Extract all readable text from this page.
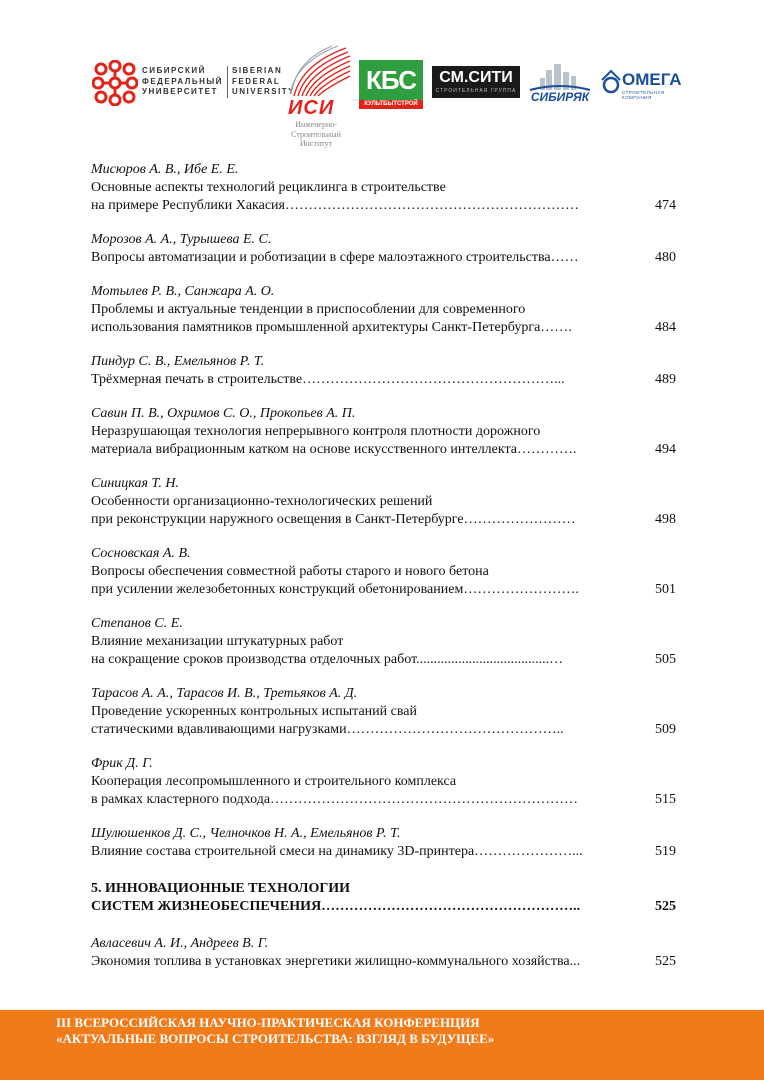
СИБИРСКИЙ
ФЕДЕРАЛЬНЫЙ
УНИВЕРСИТЕТ
SIBERIAN
FEDERAL
UNIVERSITY
ИСИ
Инженерно-
Строительный
Институт
КБС
КУЛЬТБЫТСТРОЙ
СМ.СИТИ
СТРОИТЕЛЬНАЯ ГРУППА	СИБИРЯК
ОМЕГА
СТРОИТЕЛЬНАЯ КОМПАНИЯ
Мисюров А. В., Ибе Е. Е.
Основные аспекты технологий рециклинга в строительстве
на примере Республики Хакасия………………………………………………………	474
Морозов А. А., Турышева Е. С.
Вопросы автоматизации и роботизации в сфере малоэтажного строительства……	480
Мотылев Р. В., Санжара А. О.
Проблемы и актуальные тенденции в приспособлении для современного
использования памятников промышленной архитектуры Санкт-Петербурга…….	484
Пиндур С. В., Емельянов Р. Т.
Трёхмерная печать в строительстве………………………………………………...	489
Савин П. В., Охримов С. О., Прокопьев А. П.
Неразрушающая технология непрерывного контроля плотности дорожного
материала вибрационным катком на основе искусственного интеллекта………….	494
Синицкая Т. Н.
Особенности организационно-технологических решений
при реконструкции наружного освещения в Санкт-Петербурге……………………	498
Сосновская А. В.
Вопросы обеспечения совместной работы старого и нового бетона
при усилении железобетонных конструкций обетонированием…………………….	501
Степанов С. Е.
Влияние механизации штукатурных работ
на сокращение сроков производства отделочных работ......................................…	505
Тарасов А. А., Тарасов И. В., Третьяков А. Д.
Проведение ускоренных контрольных испытаний свай
статическими вдавливающими нагрузками………………………………………..	509
Фрик Д. Г.
Кооперация лесопромышленного и строительного комплекса
в рамках кластерного подхода…………………………………………………………	515
Шулюшенков Д. С., Челночков Н. А., Емельянов Р. Т.
Влияние состава строительной смеси на динамику 3D-принтера…………………...	519
5. ИННОВАЦИОННЫЕ ТЕХНОЛОГИИ
СИСТЕМ ЖИЗНЕОБЕСПЕЧЕНИЯ………………………………………………..	525
Авласевич А. И., Андреев В. Г.
Экономия топлива в установках энергетики жилищно-коммунального хозяйства...	525
III ВСЕРОССИЙСКАЯ НАУЧНО-ПРАКТИЧЕСКАЯ КОНФЕРЕНЦИЯ
«АКТУАЛЬНЫЕ ВОПРОСЫ СТРОИТЕЛЬСТВА: ВЗГЛЯД В БУДУЩЕЕ»
